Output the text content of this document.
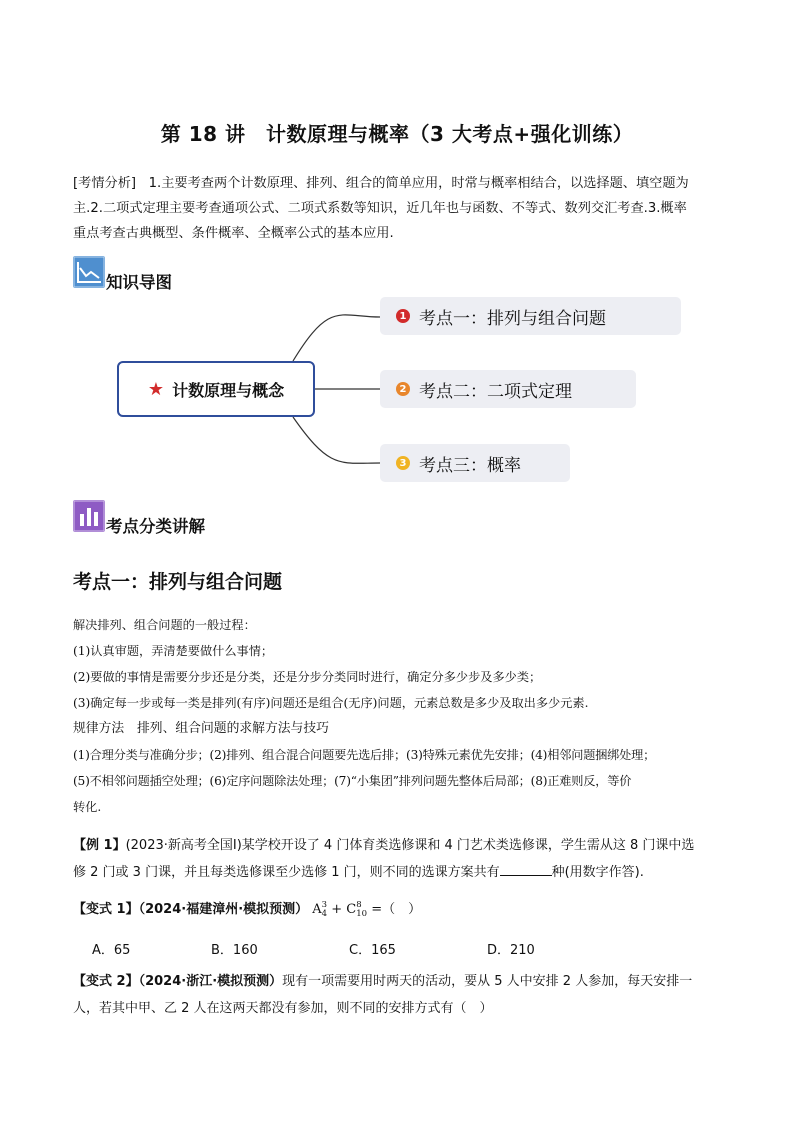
第 18 讲　计数原理与概率（3 大考点+强化训练）
[考情分析] 1.主要考查两个计数原理、排列、组合的简单应用，时常与概率相结合，以选择题、填空题为
主.2.二项式定理主要考查通项公式、二项式系数等知识，近几年也与函数、不等式、数列交汇考查.3.概率
重点考查古典概型、条件概率、全概率公式的基本应用.
知识导图
★ 计数原理与概念
1 考点一：排列与组合问题
2 考点二：二项式定理
3 考点三：概率
考点分类讲解
考点一：排列与组合问题
解决排列、组合问题的一般过程：
(1)认真审题，弄清楚要做什么事情；
(2)要做的事情是需要分步还是分类，还是分步分类同时进行，确定分多少步及多少类；
(3)确定每一步或每一类是排列(有序)问题还是组合(无序)问题，元素总数是多少及取出多少元素.
规律方法　排列、组合问题的求解方法与技巧
(1)合理分类与准确分步；(2)排列、组合混合问题要先选后排；(3)特殊元素优先安排；(4)相邻问题捆绑处理；
(5)不相邻问题插空处理；(6)定序问题除法处理；(7)“小集团”排列问题先整体后局部；(8)正难则反，等价
转化.
【例 1】(2023·新高考全国Ⅰ)某学校开设了 4 门体育类选修课和 4 门艺术类选修课，学生需从这 8 门课中选
修 2 门或 3 门课，并且每类选修课至少选修 1 门，则不同的选课方案共有	种(用数字作答).
【变式 1】（2024·福建漳州·模拟预测） A 3
4 + C 8
10 =（　）
A．65	B．160	C．165	D．210
【变式 2】（2024·浙江·模拟预测）现有一项需要用时两天的活动，要从 5 人中安排 2 人参加，每天安排一
人，若其中甲、乙 2 人在这两天都没有参加，则不同的安排方式有（　）
